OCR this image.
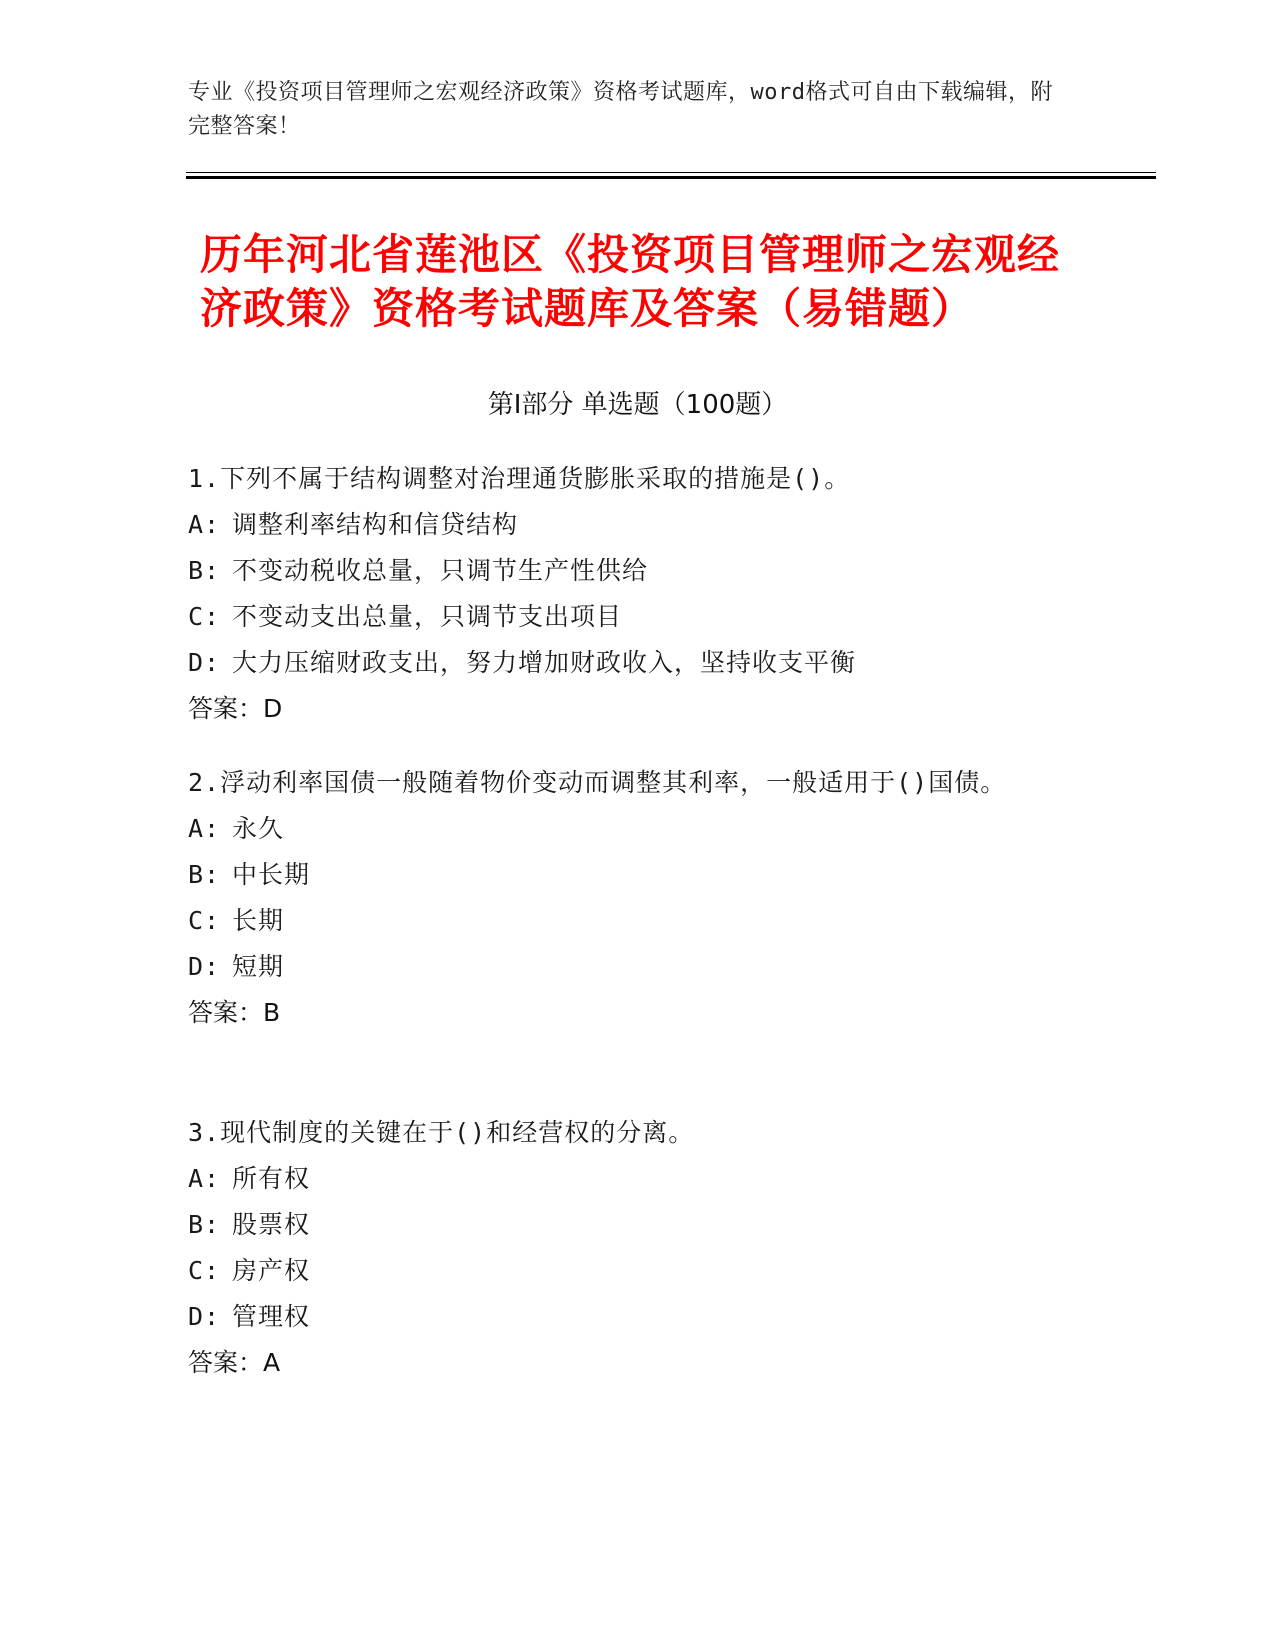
专业《投资项目管理师之宏观经济政策》资格考试题库，word格式可自由下载编辑，附完整答案！
历年河北省莲池区《投资项目管理师之宏观经济政策》资格考试题库及答案（易错题）
第Ⅰ部分 单选题（100题）

1.下列不属于结构调整对治理通货膨胀采取的措施是()。

A: 调整利率结构和信贷结构

B: 不变动税收总量，只调节生产性供给

C: 不变动支出总量，只调节支出项目

D: 大力压缩财政支出，努力增加财政收入，坚持收支平衡

答案：D

2.浮动利率国债一般随着物价变动而调整其利率，一般适用于()国债。

A: 永久

B: 中长期

C: 长期

D: 短期

答案：B

3.现代制度的关键在于()和经营权的分离。

A: 所有权

B: 股票权

C: 房产权

D: 管理权

答案：A
